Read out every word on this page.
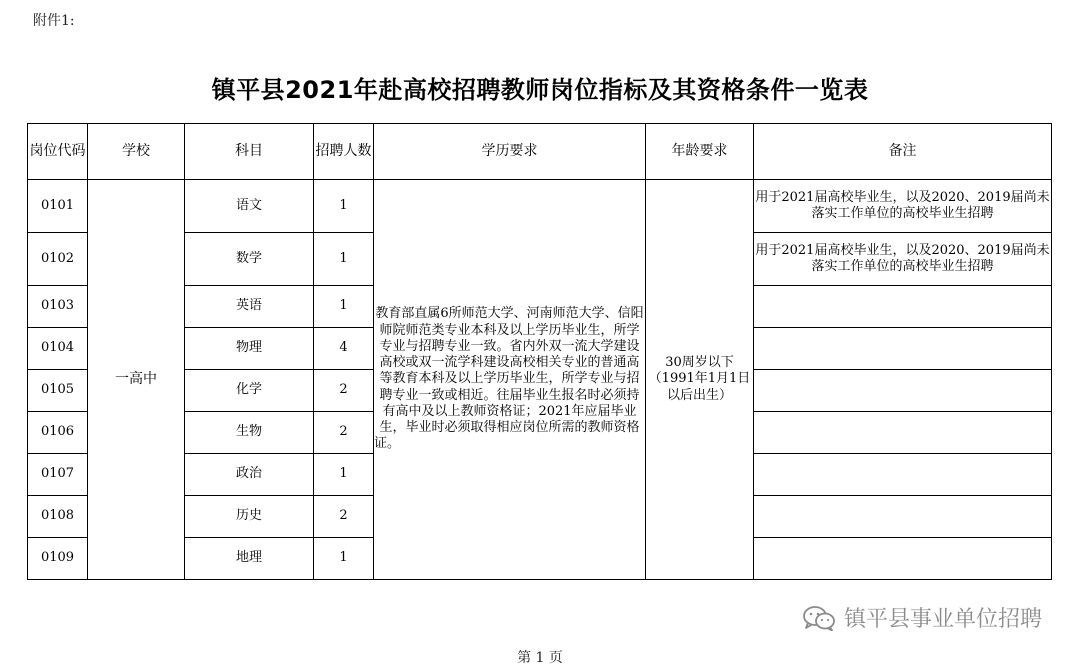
附件1:
镇平县2021年赴高校招聘教师岗位指标及其资格条件一览表
岗位代码	学校	科目	招聘人数	学历要求	年龄要求	备注
0101	一高中	语文	1	教育部直属6所师范大学、河南师范大学、信阳师院师范类专业本科及以上学历毕业生，所学专业与招聘专业一致。省内外双一流大学建设高校或双一流学科建设高校相关专业的普通高等教育本科及以上学历毕业生，所学专业与招聘专业一致或相近。往届毕业生报名时必须持有高中及以上教师资格证；2021年应届毕业生，毕业时必须取得相应岗位所需的教师资格证。	30周岁以下（1991年1月1日以后出生）	用于2021届高校毕业生，以及2020、2019届尚未落实工作单位的高校毕业生招聘
0102		数学	1			用于2021届高校毕业生，以及2020、2019届尚未落实工作单位的高校毕业生招聘
0103		英语	1			
0104		物理	4			
0105		化学	2			
0106		生物	2			
0107		政治	1			
0108		历史	2			
0109		地理	1			
镇平县事业单位招聘
第 1 页
